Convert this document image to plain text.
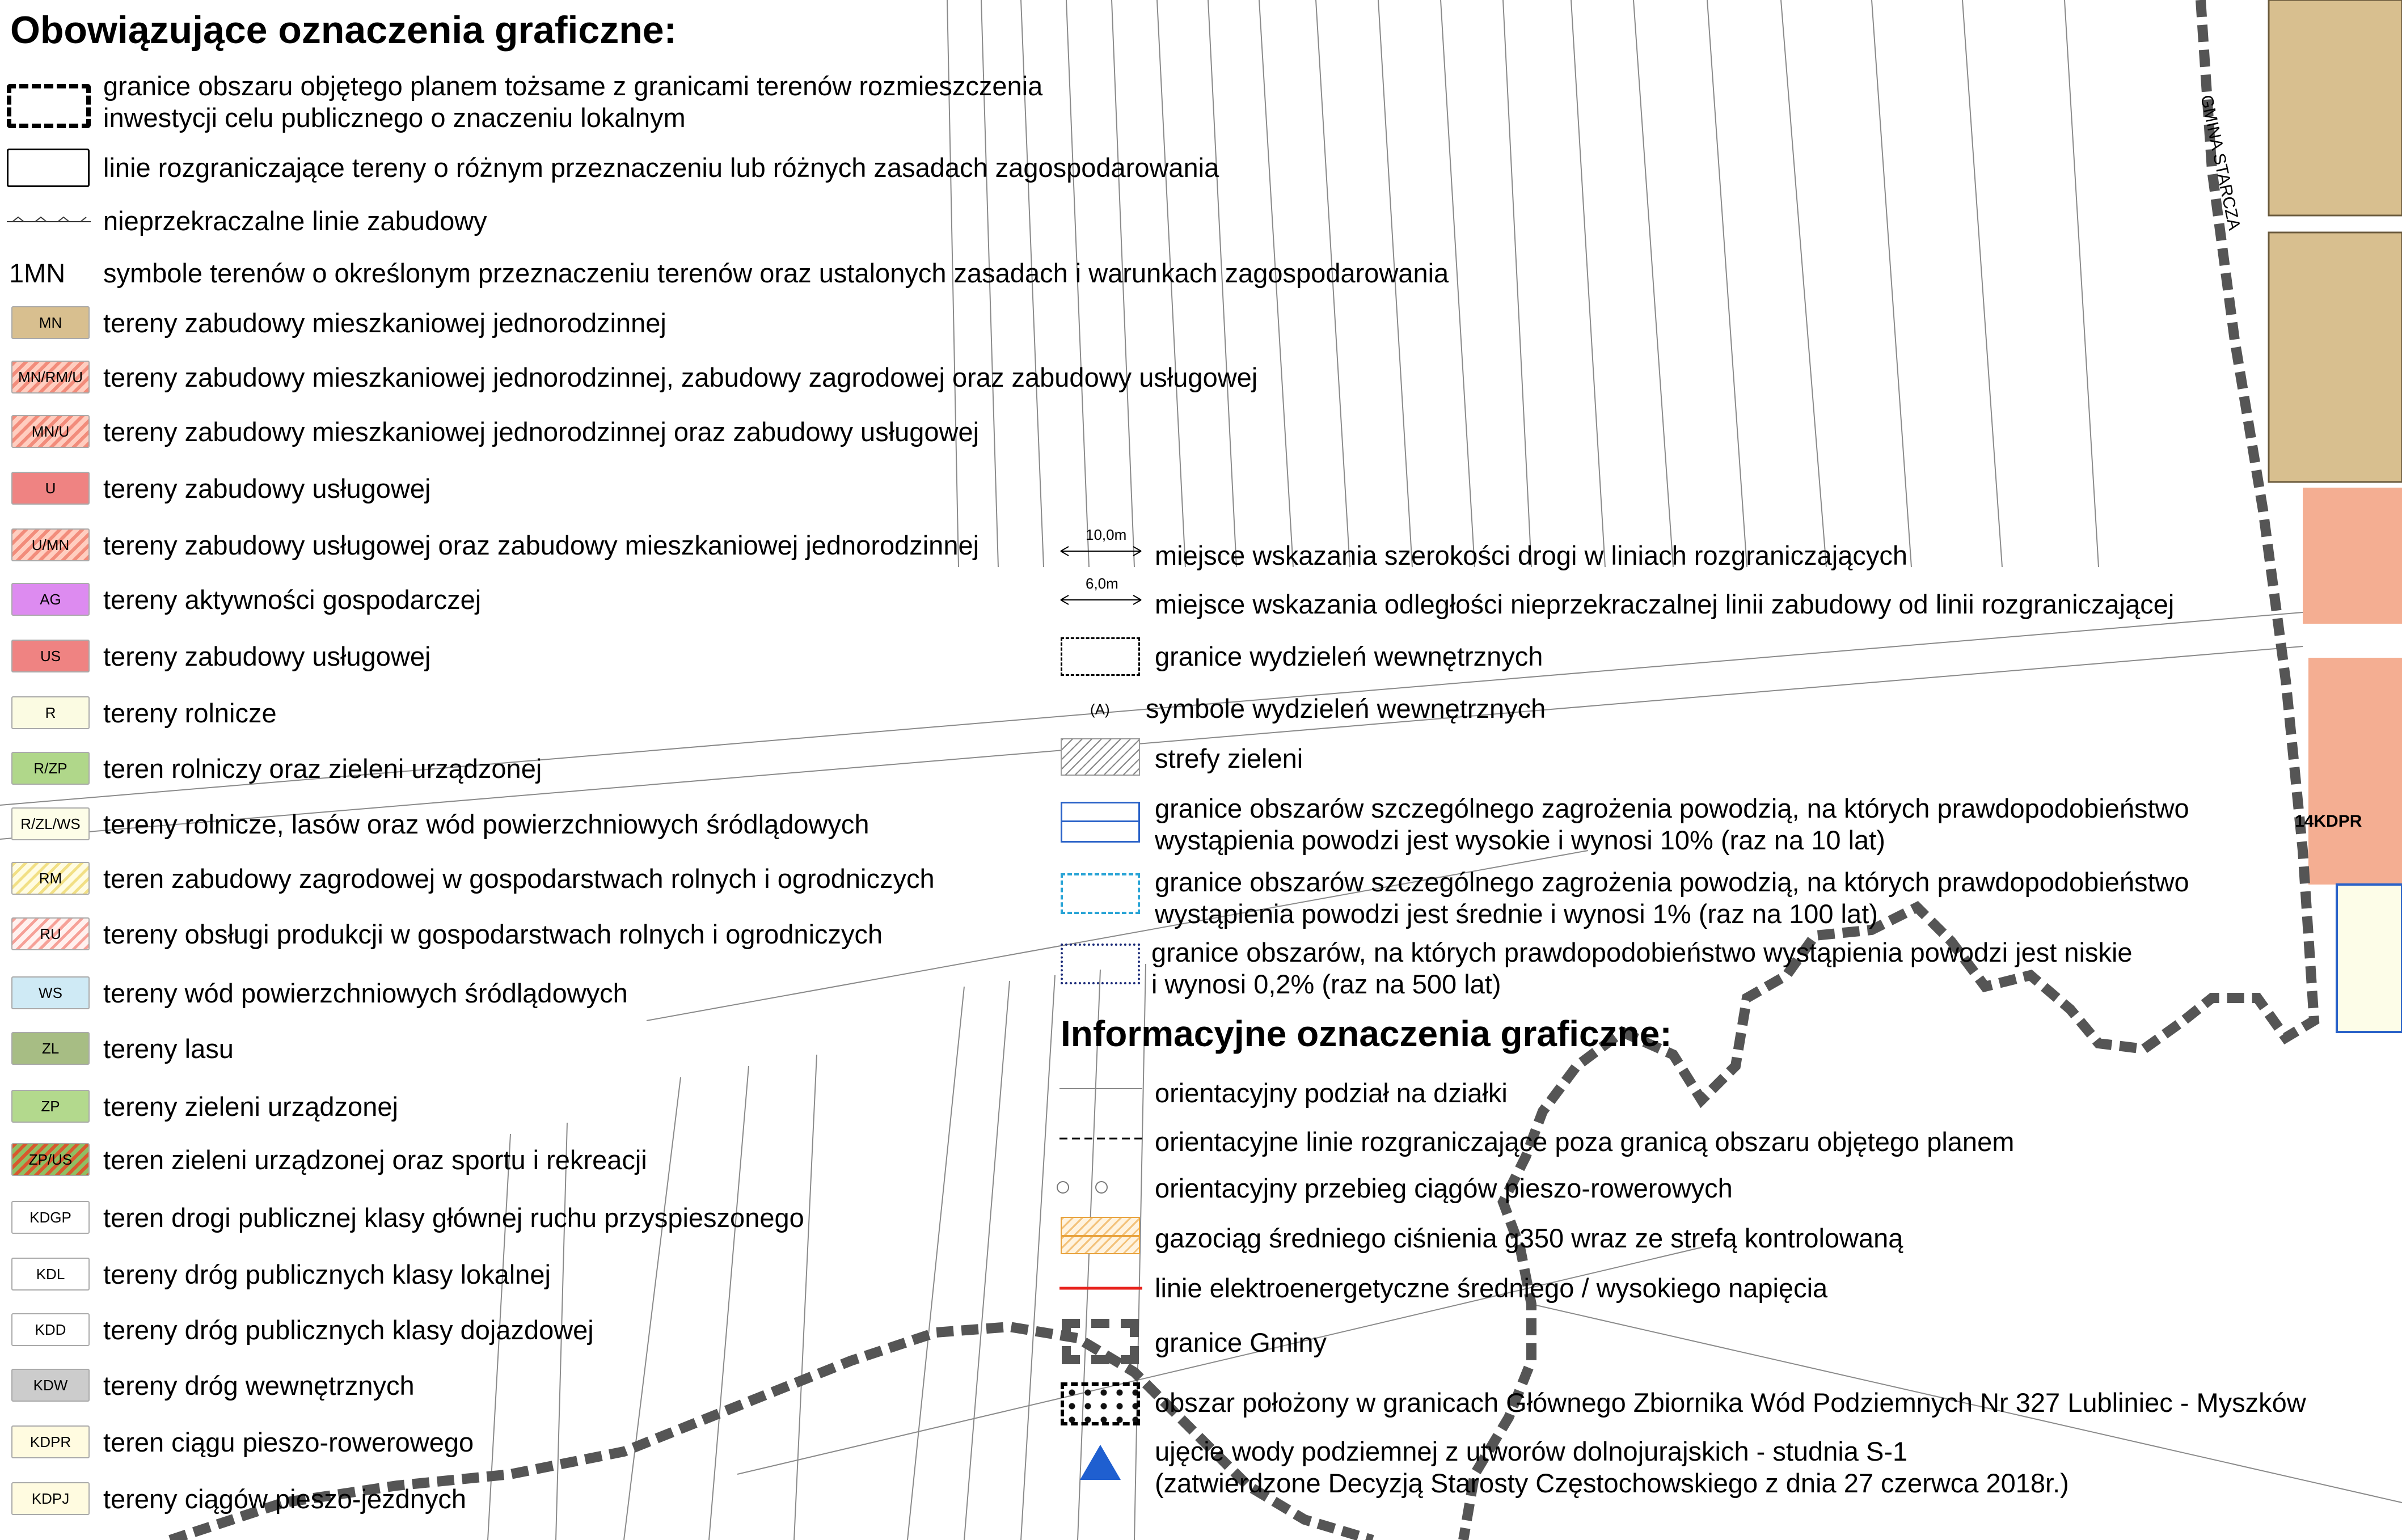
GMINA STARCZA
14KDPR
Obowiązujące oznaczenia graficzne:
granice obszaru objętego planem tożsame z granicami terenów rozmieszczenia
inwestycji celu publicznego o znaczeniu lokalnym
linie rozgraniczające tereny o różnym przeznaczeniu lub różnych zasadach zagospodarowania
nieprzekraczalne linie zabudowy
1MN symbole terenów o określonym przeznaczeniu terenów oraz ustalonych zasadach i warunkach zagospodarowania
MN	tereny zabudowy mieszkaniowej jednorodzinnej
MN/RM/U tereny zabudowy mieszkaniowej jednorodzinnej, zabudowy zagrodowej oraz zabudowy usługowej
MN/U	tereny zabudowy mieszkaniowej jednorodzinnej oraz zabudowy usługowej
U	tereny zabudowy usługowej
U/MN	tereny zabudowy usługowej oraz zabudowy mieszkaniowej jednorodzinnej
AG	tereny aktywności gospodarczej
US	tereny zabudowy usługowej
R	tereny rolnicze
R/ZP	teren rolniczy oraz zieleni urządzonej
R/ZL/WS tereny rolnicze, lasów oraz wód powierzchniowych śródlądowych
RM	teren zabudowy zagrodowej w gospodarstwach rolnych i ogrodniczych
RU	tereny obsługi produkcji w gospodarstwach rolnych i ogrodniczych
WS	tereny wód powierzchniowych śródlądowych
ZL	tereny lasu
ZP	tereny zieleni urządzonej
ZP/US	teren zieleni urządzonej oraz sportu i rekreacji
KDGP	teren drogi publicznej klasy głównej ruchu przyspieszonego
KDL	tereny dróg publicznych klasy lokalnej
KDD	tereny dróg publicznych klasy dojazdowej
KDW	tereny dróg wewnętrznych
KDPR	teren ciągu pieszo-rowerowego
KDPJ	tereny ciągów pieszo-jezdnych
10,0m
miejsce wskazania szerokości drogi w liniach rozgraniczających
6,0m
miejsce wskazania odległości nieprzekraczalnej linii zabudowy od linii rozgraniczającej
granice wydzieleń wewnętrznych
(A) symbole wydzieleń wewnętrznych
strefy zieleni
granice obszarów szczególnego zagrożenia powodzią, na których prawdopodobieństwo
wystąpienia powodzi jest wysokie i wynosi 10% (raz na 10 lat)
granice obszarów szczególnego zagrożenia powodzią, na których prawdopodobieństwo
wystąpienia powodzi jest średnie i wynosi 1% (raz na 100 lat)
granice obszarów, na których prawdopodobieństwo wystąpienia powodzi jest niskie
i wynosi 0,2% (raz na 500 lat)
Informacyjne oznaczenia graficzne:
orientacyjny podział na działki
orientacyjne linie rozgraniczające poza granicą obszaru objętego planem
orientacyjny przebieg ciągów pieszo-rowerowych
gazociąg średniego ciśnienia g350 wraz ze strefą kontrolowaną
linie elektroenergetyczne średniego / wysokiego napięcia
granice Gminy
obszar położony w granicach Głównego Zbiornika Wód Podziemnych Nr 327 Lubliniec - Myszków
ujęcie wody podziemnej z utworów dolnojurajskich - studnia S-1
(zatwierdzone Decyzją Starosty Częstochowskiego z dnia 27 czerwca 2018r.)
